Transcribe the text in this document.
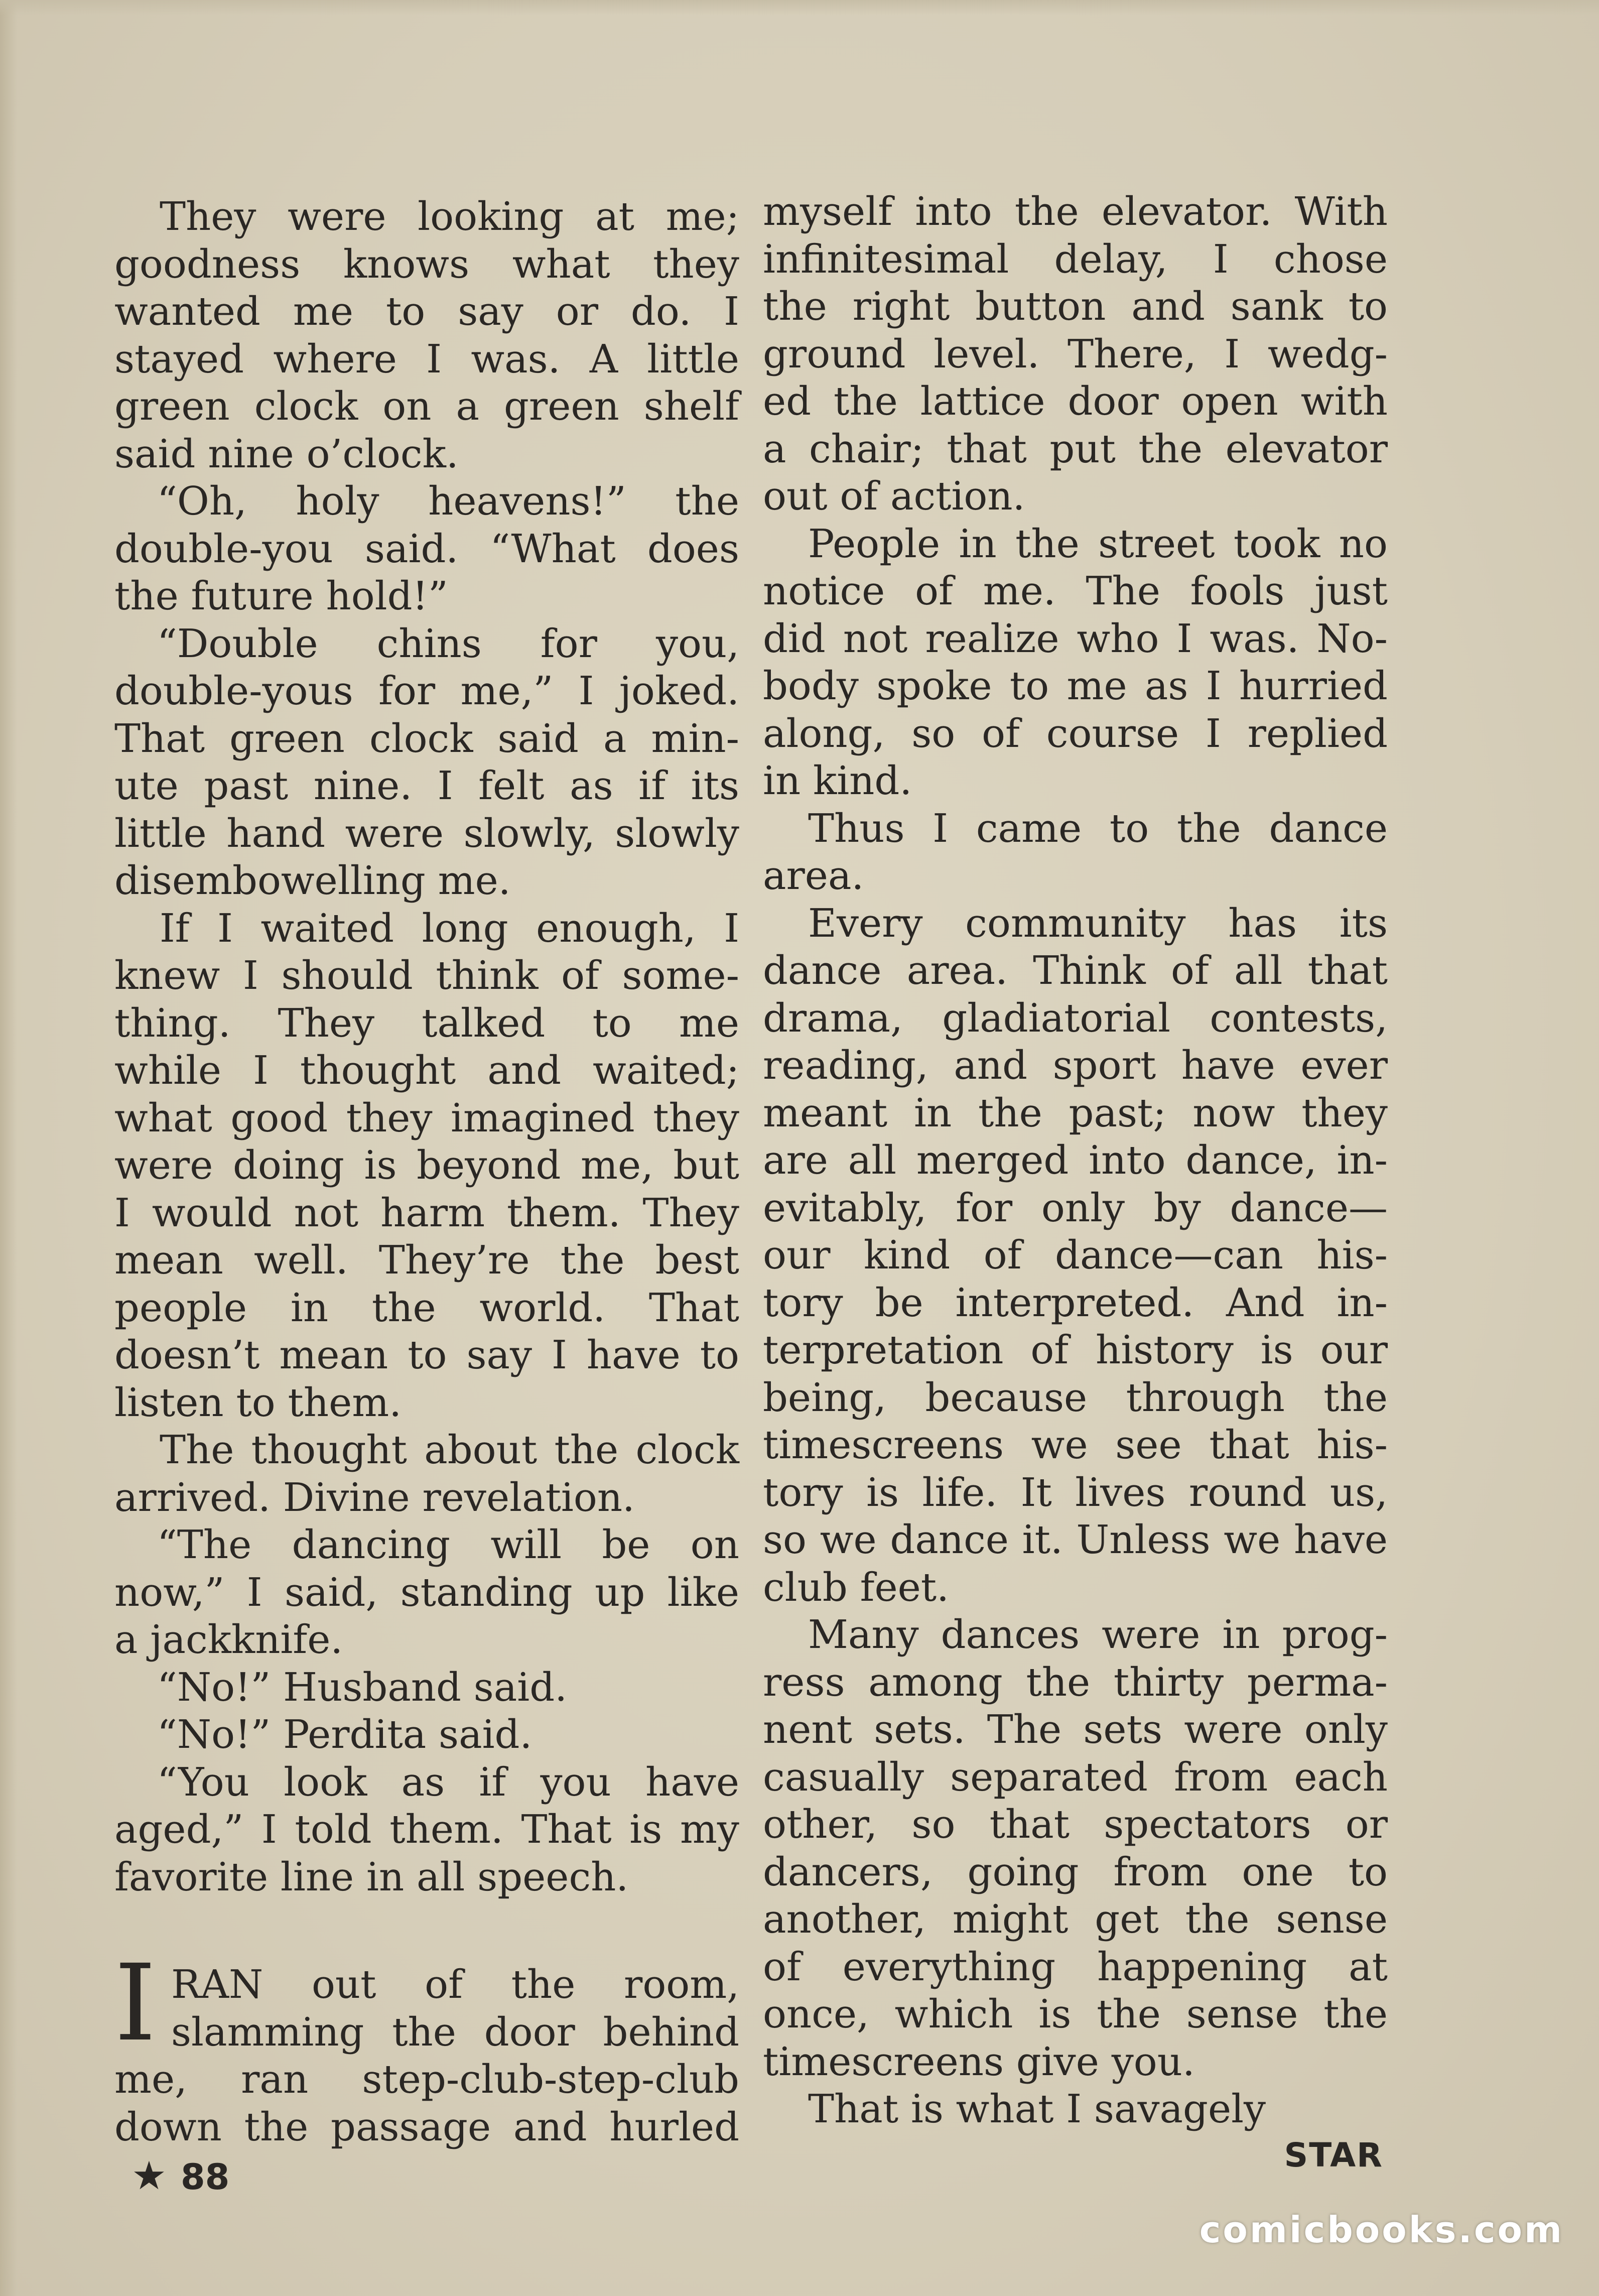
They were looking at me;
goodness knows what they
wanted me to say or do. I
stayed where I was. A little
green clock on a green shelf
said nine o’clock.
“Oh, holy heavens!” the
double-you said. “What does
the future hold!”
“Double chins for you,
double-yous for me,” I joked.
That green clock said a min-
ute past nine. I felt as if its
little hand were slowly, slowly
disembowelling me.
If I waited long enough, I
knew I should think of some-
thing. They talked to me
while I thought and waited;
what good they imagined they
were doing is beyond me, but
I would not harm them. They
mean well. They’re the best
people in the world. That
doesn’t mean to say I have to
listen to them.
The thought about the clock
arrived. Divine revelation.
“The dancing will be on
now,” I said, standing up like
a jackknife.
“No!” Husband said.
“No!” Perdita said.
“You look as if you have
aged,” I told them. That is my
favorite line in all speech.
I RAN out of the room,
slamming the door behind
me, ran step-club-step-club
down the passage and hurled
myself into the elevator. With
infinitesimal delay, I chose
the right button and sank to
ground level. There, I wedg-
ed the lattice door open with
a chair; that put the elevator
out of action.
People in the street took no
notice of me. The fools just
did not realize who I was. No-
body spoke to me as I hurried
along, so of course I replied
in kind.
Thus I came to the dance
area.
Every community has its
dance area. Think of all that
drama, gladiatorial contests,
reading, and sport have ever
meant in the past; now they
are all merged into dance, in-
evitably, for only by dance—
our kind of dance—can his-
tory be interpreted. And in-
terpretation of history is our
being, because through the
timescreens we see that his-
tory is life. It lives round us,
so we dance it. Unless we have
club feet.
Many dances were in prog-
ress among the thirty perma-
nent sets. The sets were only
casually separated from each
other, so that spectators or
dancers, going from one to
another, might get the sense
of everything happening at
once, which is the sense the
timescreens give you.
That is what I savagely
★ 88
STAR
comicbooks.com
